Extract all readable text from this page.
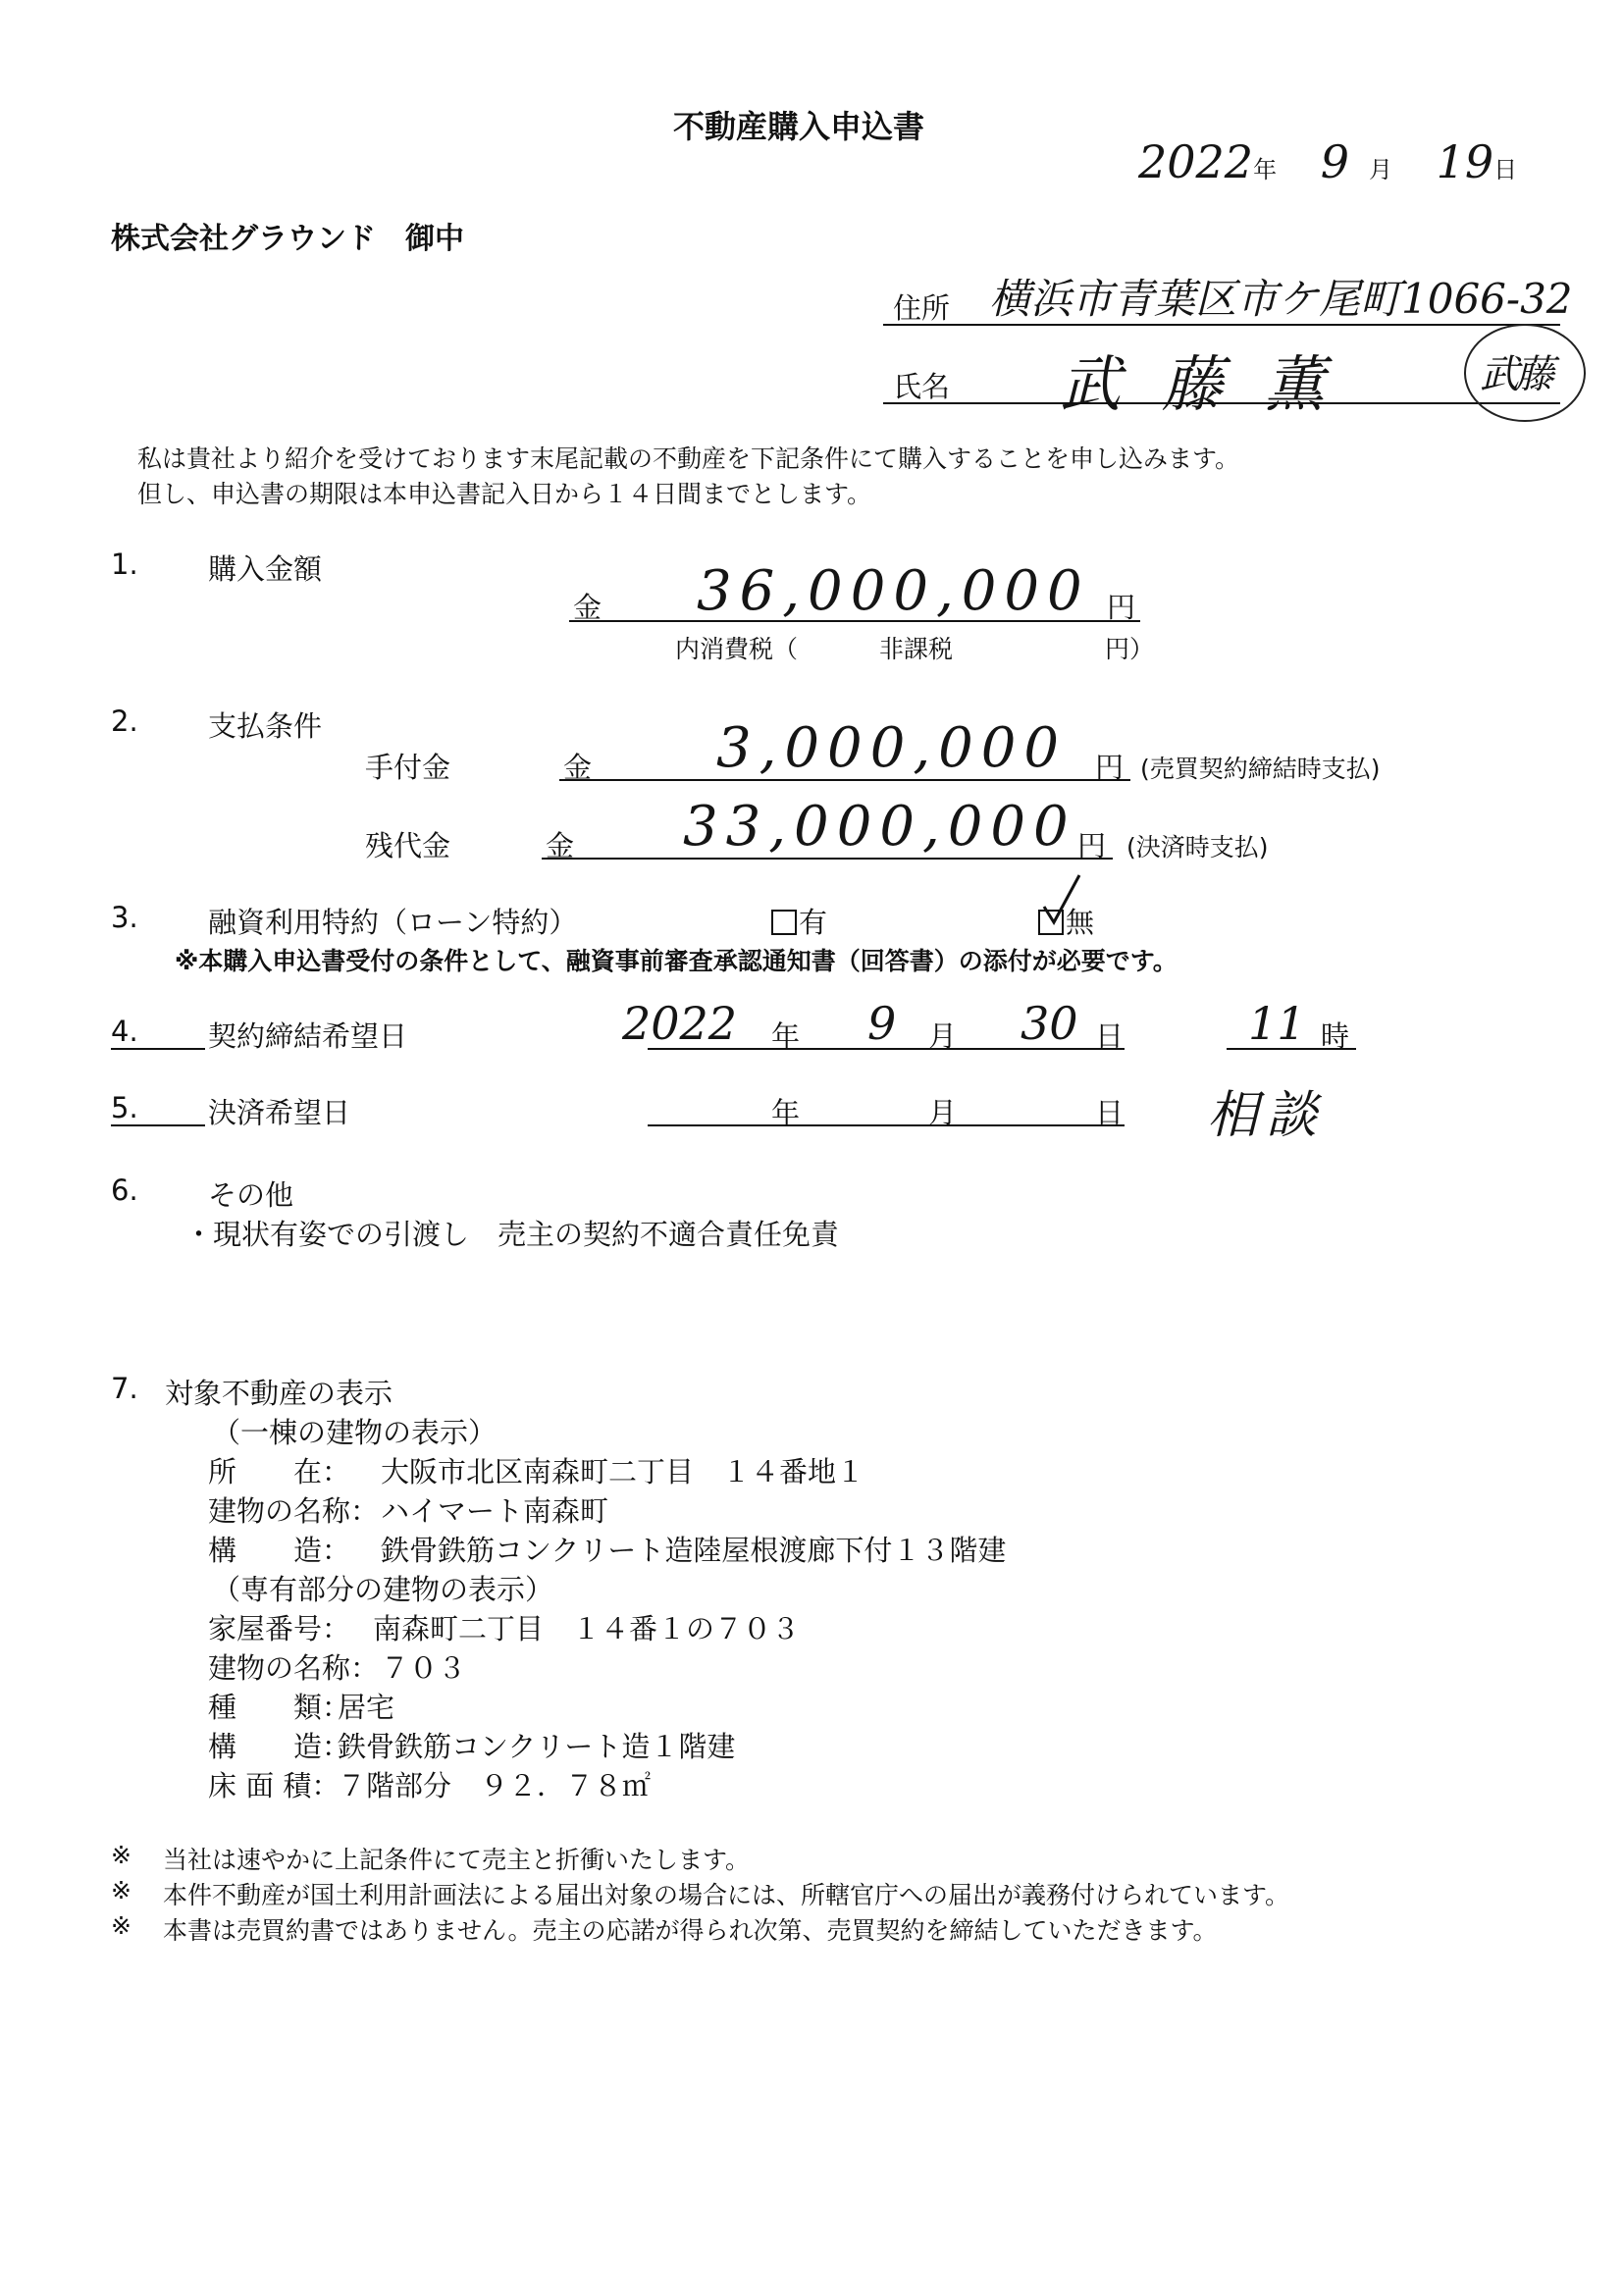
不動産購入申込書
2022年 9 月 19日
株式会社グラウンド　御中
住所 横浜市青葉区市ケ尾町1066-32
氏名 武藤薫	武藤
私は貴社より紹介を受けております末尾記載の不動産を下記条件にて購入することを申し込みます。
但し、申込書の期限は本申込書記入日から１４日間までとします。
1. 購入金額
金 36,000,000 円
内消費税（	非課税	円）
2. 支払条件
手付金	金 3,000,000 円 (売買契約締結時支払)
残代金	金 33,000,000 円 (決済時支払)
3. 融資利用特約（ローン特約）	有	無
※本購入申込書受付の条件として、融資事前審査承認通知書（回答書）の添付が必要です。
4. 契約締結希望日	2022 年 9 月 30 日	11 時
5. 決済希望日	年	月	日 相談
6. その他
・現状有姿での引渡し　売主の契約不適合責任免責
7. 対象不動産の表示
（一棟の建物の表示）
所　　在： 大阪市北区南森町二丁目　１４番地１
建物の名称： ハイマート南森町
構　　造： 鉄骨鉄筋コンクリート造陸屋根渡廊下付１３階建
（専有部分の建物の表示）
家屋番号： 南森町二丁目　１４番１の７０３
建物の名称： ７０３
種　　類：
居宅
構　　造：
鉄骨鉄筋コンクリート造１階建
床 面 積：
７階部分　９２．７８㎡
※ 当社は速やかに上記条件にて売主と折衝いたします。
※ 本件不動産が国土利用計画法による届出対象の場合には、所轄官庁への届出が義務付けられています。
※ 本書は売買約書ではありません。売主の応諾が得られ次第、売買契約を締結していただきます。
